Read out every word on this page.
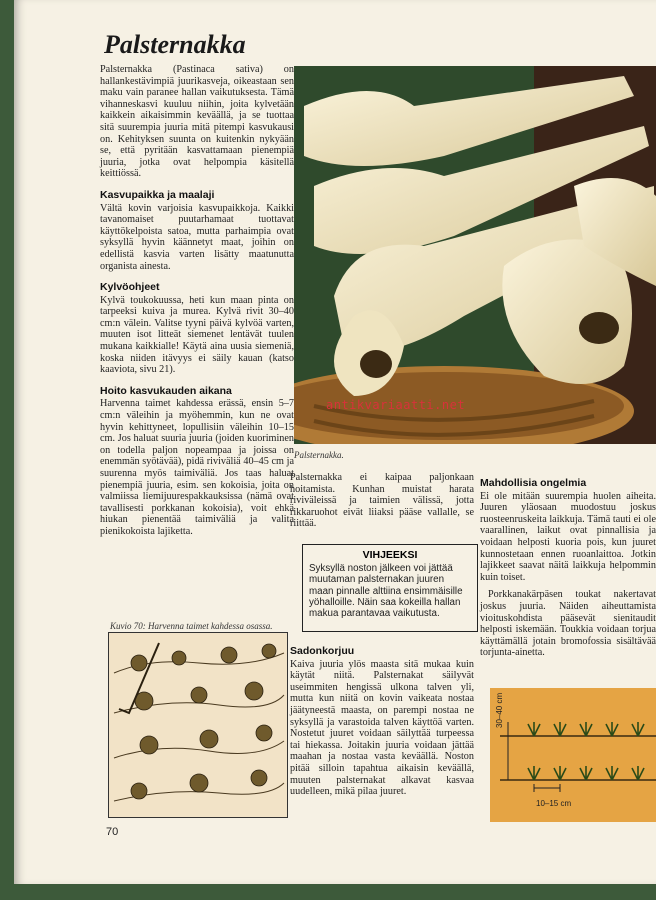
Palsternakka

Palsternakka (Pastinaca sativa) on hallankestävimpiä juurikasveja, oikeastaan sen maku vain paranee hallan vaikutuksesta. Tämä vihanneskasvi kuuluu niihin, joita kylvetään kaikkein aikaisimmin keväällä, ja se tuottaa sitä suurempia juuria mitä pitempi kasvukausi on. Kehityksen suunta on kuitenkin nykyään se, että pyritään kasvattamaan pienempiä juuria, jotka ovat helpompia käsitellä keittiössä.

Kasvupaikka ja maalaji

Vältä kovin varjoisia kasvupaikkoja. Kaikki tavanomaiset puutarhamaat tuottavat käyttökelpoista satoa, mutta parhaimpia ovat syksyllä hyvin käännetyt maat, joihin on edellistä kasvia varten lisätty maatunutta organista ainesta.

Kylvöohjeet

Kylvä toukokuussa, heti kun maan pinta on tarpeeksi kuiva ja murea. Kylvä rivit 30–40 cm:n välein. Valitse tyyni päivä kylvöä varten, muuten isot litteät siemenet lentävät tuulen mukana kaikkialle! Käytä aina uusia siemeniä, koska niiden itävyys ei säily kauan (katso kaaviota, sivu 21).

Hoito kasvukauden aikana

Harvenna taimet kahdessa erässä, ensin 5–7 cm:n väleihin ja myöhemmin, kun ne ovat hyvin kehittyneet, lopullisiin väleihin 10–15 cm. Jos haluat suuria juuria (joiden kuoriminen on todella paljon nopeampaa ja joissa on enemmän syötävää), pidä riviväliä 40–45 cm ja suurenna myös taimiväliä. Jos taas haluat pienempiä juuria, esim. sen kokoisia, joita on valmiissa liemijuurespakkauksissa (nämä ovat tavallisesti porkkanan kokoisia), voit ehkä hiukan pienentää taimiväliä ja valita pienikokoista lajiketta.

antikvariaatti.net
Palsternakka.

Palsternakka ei kaipaa paljonkaan hoitamista. Kunhan muistat harata riviväleissä ja taimien välissä, jotta rikkaruohot eivät liiaksi pääse vallalle, se riittää.

VIHJEEKSI
Syksyllä noston jälkeen voi jättää muutaman palsternakan juuren maan pinnalle alttiina ensimmäisille yöhalloille. Näin saa kokeilla hallan makua parantavaa vaikutusta.
Sadonkorjuu

Kaiva juuria ylös maasta sitä mukaa kuin käytät niitä. Palsternakat säilyvät useimmiten hengissä ulkona talven yli, mutta kun niitä on kovin vaikeata nostaa jäätyneestä maasta, on parempi nostaa ne syksyllä ja varastoida talven käyttöä varten. Nostetut juuret voidaan säilyttää turpeessa tai hiekassa. Joitakin juuria voidaan jättää maahan ja nostaa vasta keväällä. Noston pitää silloin tapahtua aikaisin keväällä, muuten palsternakat alkavat kasvaa uudelleen, mikä pilaa juuret.

Mahdollisia ongelmia

Ei ole mitään suurempia huolen aiheita. Juuren yläosaan muodostuu joskus ruosteenruskeita laikkuja. Tämä tauti ei ole vaarallinen, laikut ovat pinnallisia ja voidaan helposti kuoria pois, kun juuret kunnostetaan ennen ruoanlaittoa. Jotkin lajikkeet saavat näitä laikkuja helpommin kuin toiset.

Porkkanakärpäsen toukat nakertavat joskus juuria. Näiden aiheuttamista vioituskohdista pääsevät sienitaudit helposti iskemään. Toukkia voidaan torjua käyttämällä jotain bromofossia sisältävää torjunta-ainetta.

Kuvio 70: Harvenna taimet kahdessa osassa.
30–40 cm
10–15 cm
70
